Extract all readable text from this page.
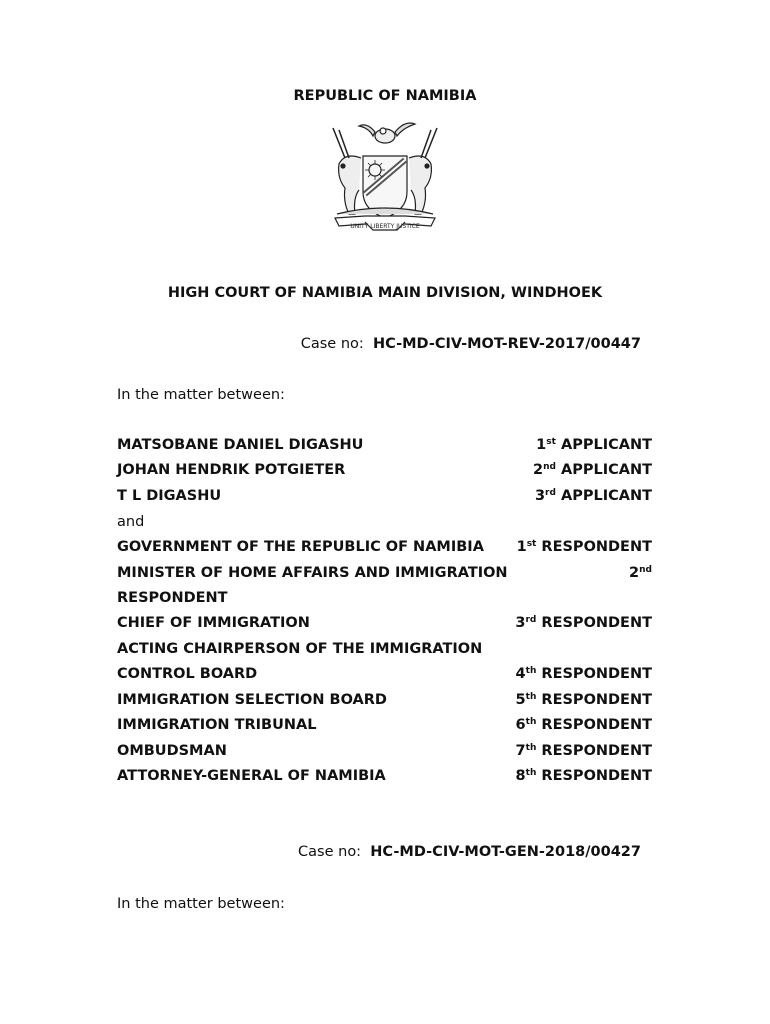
REPUBLIC OF NAMIBIA
UNITY LIBERTY JUSTICE
HIGH COURT OF NAMIBIA MAIN DIVISION, WINDHOEK
Case no: HC-MD-CIV-MOT-REV-2017/00447
In the matter between:
MATSOBANE DANIEL DIGASHU	1st APPLICANT
JOHAN HENDRIK POTGIETER	2nd APPLICANT
T L DIGASHU	3rd APPLICANT
and
GOVERNMENT OF THE REPUBLIC OF NAMIBIA 1st RESPONDENT
MINISTER OF HOME AFFAIRS AND IMMIGRATION	2nd
RESPONDENT
CHIEF OF IMMIGRATION	3rd RESPONDENT
ACTING CHAIRPERSON OF THE IMMIGRATION
CONTROL BOARD	4th RESPONDENT
IMMIGRATION SELECTION BOARD	5th RESPONDENT
IMMIGRATION TRIBUNAL	6th RESPONDENT
OMBUDSMAN	7th RESPONDENT
ATTORNEY-GENERAL OF NAMIBIA	8th RESPONDENT
Case no: HC-MD-CIV-MOT-GEN-2018/00427
In the matter between:
